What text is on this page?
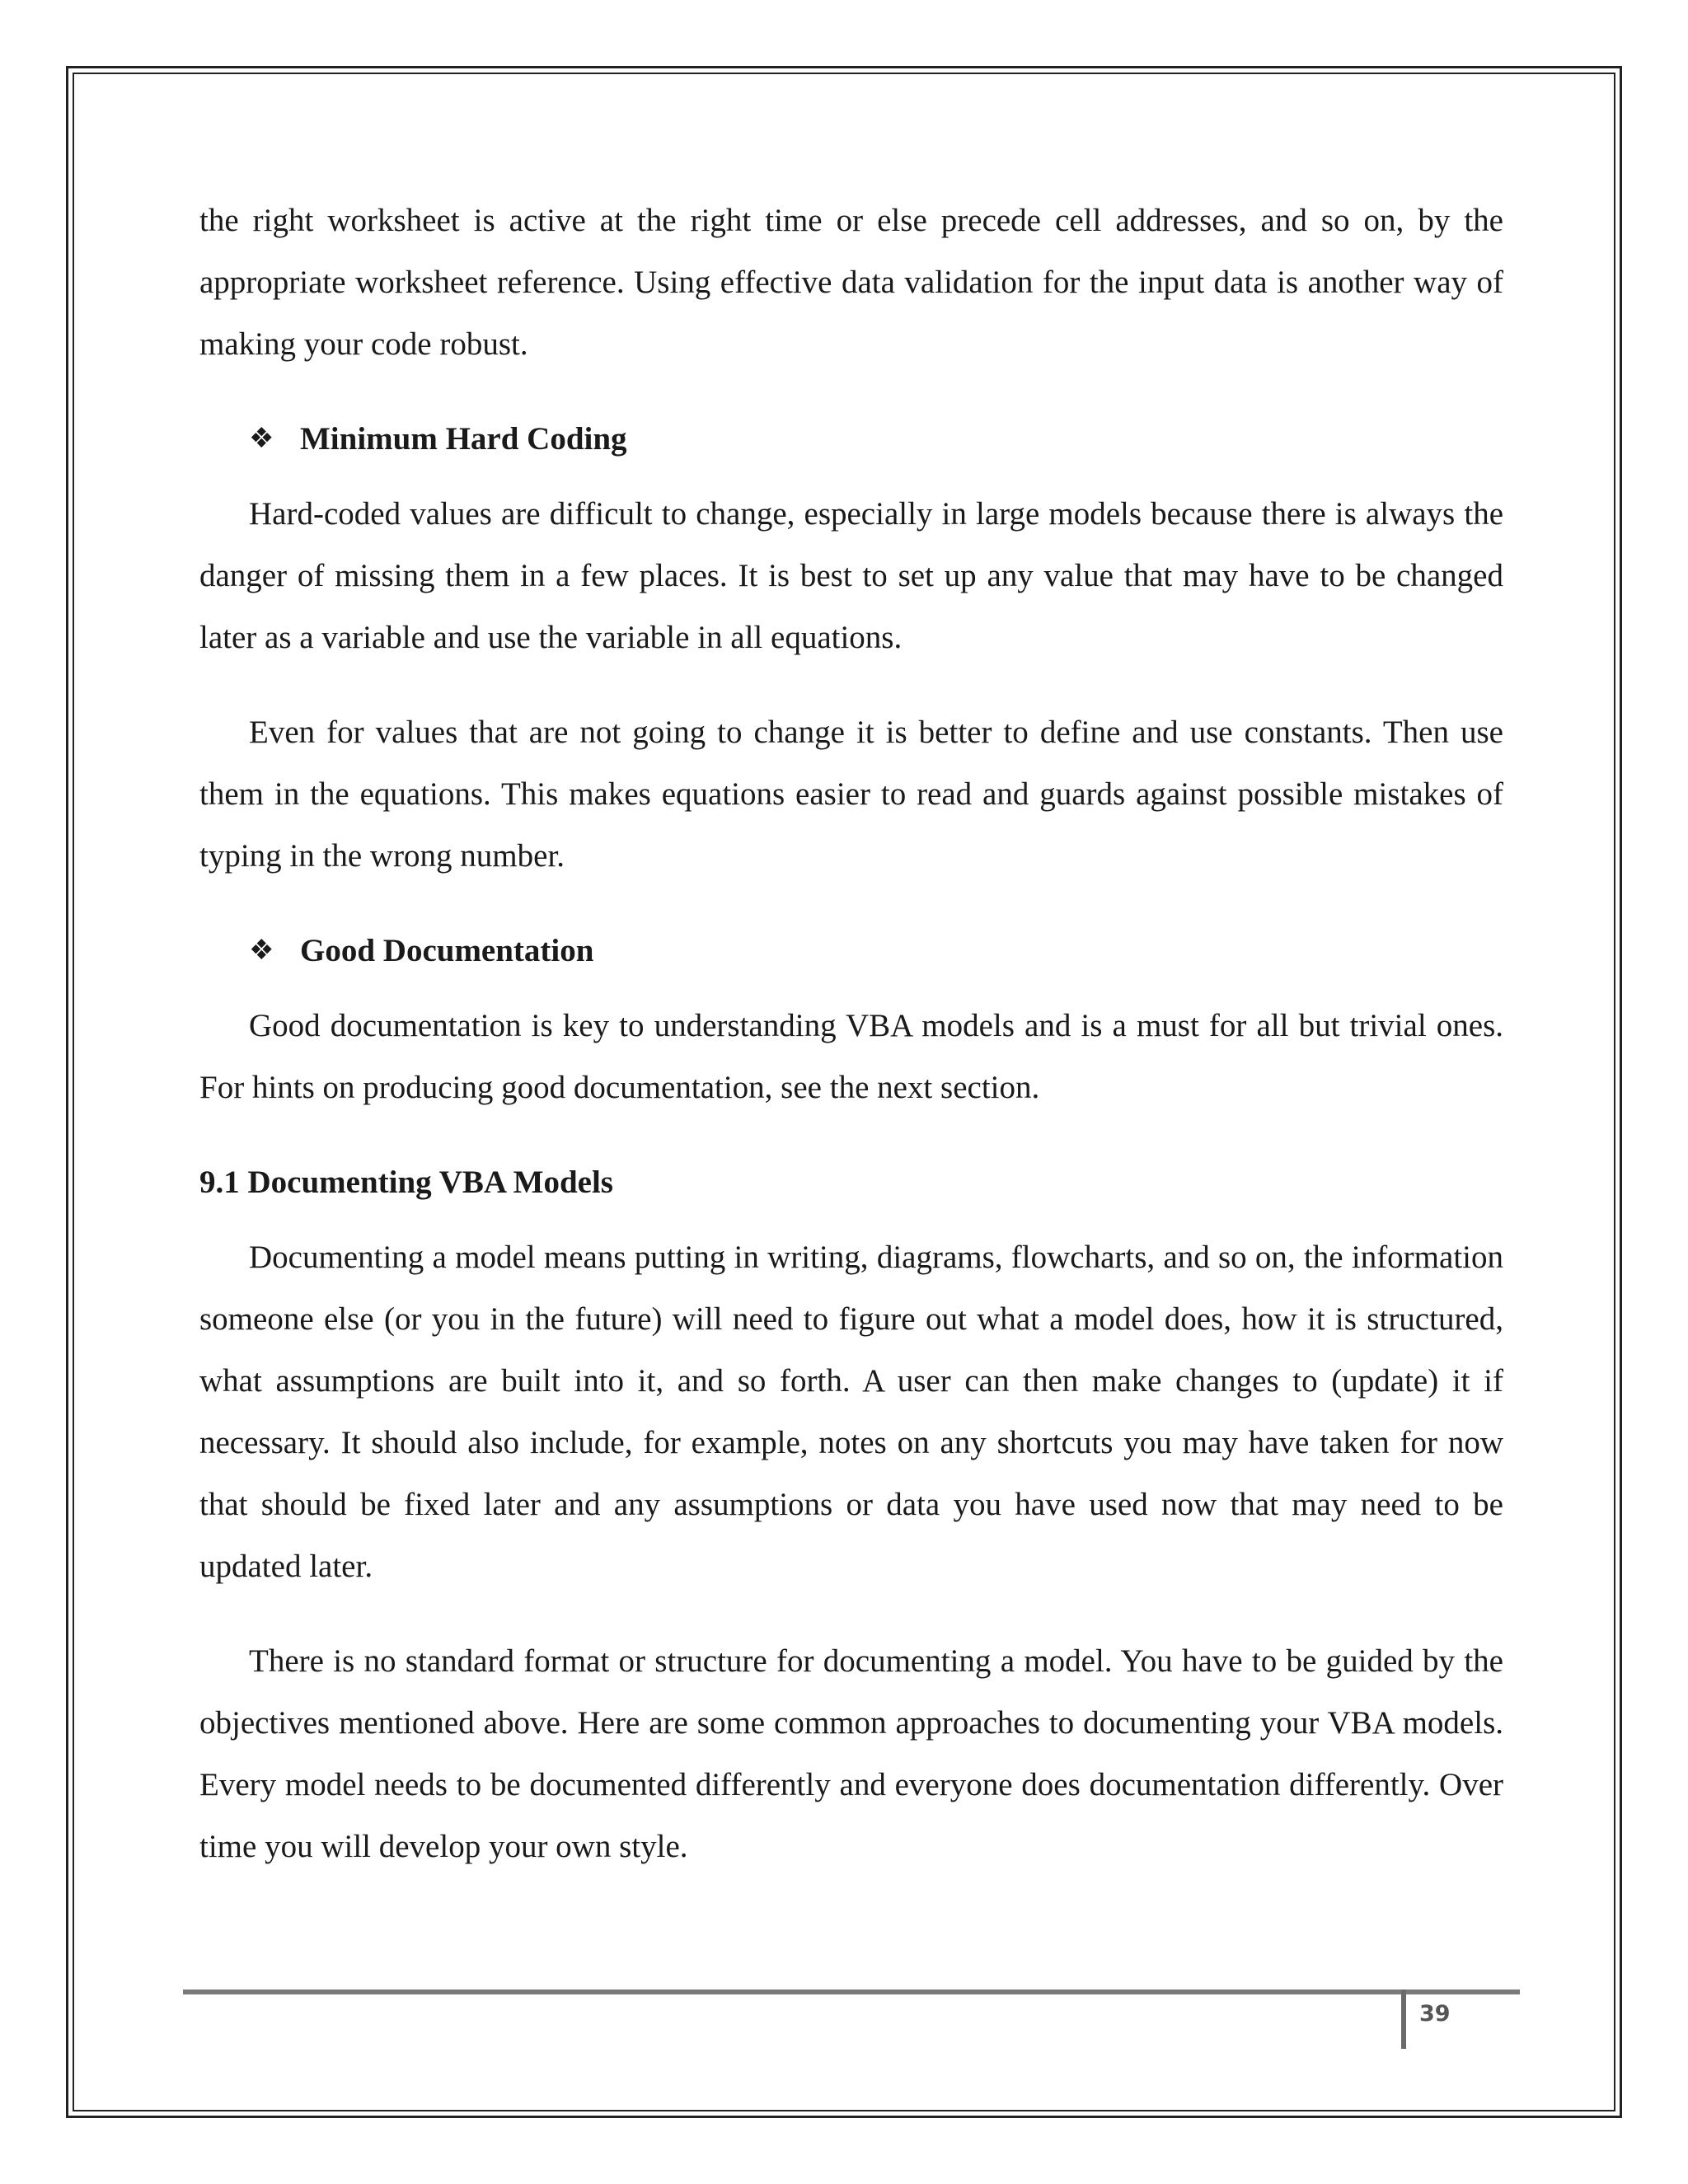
the right worksheet is active at the right time or else precede cell addresses, and so on, by the appropriate worksheet reference. Using effective data validation for the input data is another way of making your code robust.

❖ Minimum Hard Coding

Hard-coded values are difficult to change, especially in large models because there is always the danger of missing them in a few places. It is best to set up any value that may have to be changed later as a variable and use the variable in all equations.

Even for values that are not going to change it is better to define and use constants. Then use them in the equations. This makes equations easier to read and guards against possible mistakes of typing in the wrong number.

❖ Good Documentation

Good documentation is key to understanding VBA models and is a must for all but trivial ones. For hints on producing good documentation, see the next section.

9.1 Documenting VBA Models

Documenting a model means putting in writing, diagrams, flowcharts, and so on, the information someone else (or you in the future) will need to figure out what a model does, how it is structured, what assumptions are built into it, and so forth. A user can then make changes to (update) it if necessary. It should also include, for example, notes on any shortcuts you may have taken for now that should be fixed later and any assumptions or data you have used now that may need to be updated later.

There is no standard format or structure for documenting a model. You have to be guided by the objectives mentioned above. Here are some common approaches to documenting your VBA models. Every model needs to be documented differently and everyone does documentation differently. Over time you will develop your own style.

39
